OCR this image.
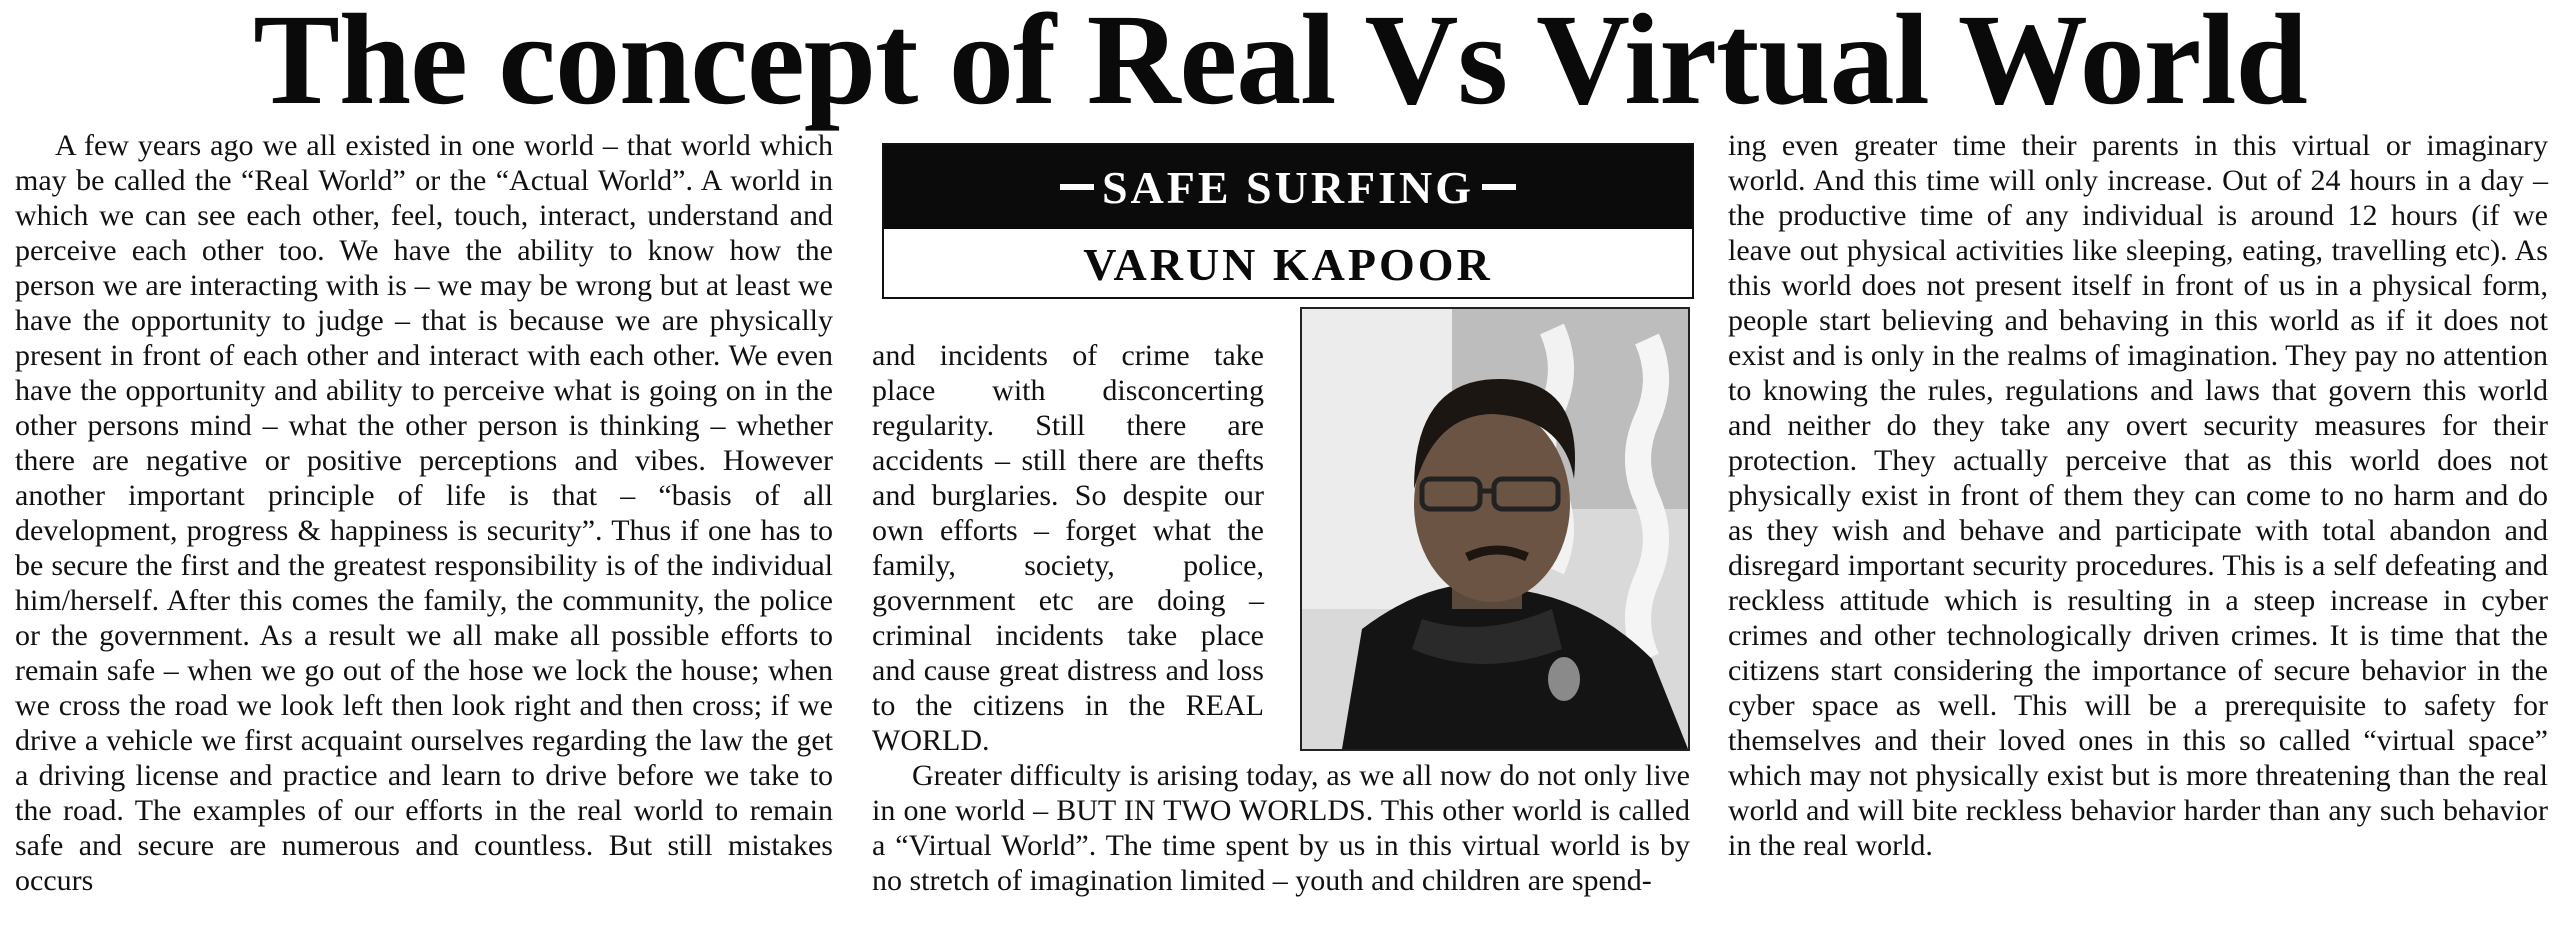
The concept of Real Vs Virtual World

A few years ago we all existed in one world – that world which may be called the “Real World” or the “Actual World”. A world in which we can see each other, feel, touch, interact, understand and perceive each other too. We have the ability to know how the person we are interacting with is – we may be wrong but at least we have the opportunity to judge – that is because we are physically present in front of each other and interact with each other. We even have the opportunity and ability to perceive what is going on in the other persons mind – what the other person is thinking – whether there are negative or positive perceptions and vibes. However another important principle of life is that – “basis of all development, progress & happiness is security”. Thus if one has to be secure the first and the greatest responsibility is of the individual him/herself. After this comes the family, the community, the police or the government. As a result we all make all possible efforts to remain safe – when we go out of the hose we lock the house; when we cross the road we look left then look right and then cross; if we drive a vehicle we first acquaint ourselves regarding the law the get a driving license and practice and learn to drive before we take to the road. The examples of our efforts in the real world to remain safe and secure are numerous and countless. But still mistakes occurs

SAFE SURFING
VARUN KAPOOR

and incidents of crime take place with disconcerting regularity. Still there are accidents – still there are thefts and burglaries. So despite our own efforts – forget what the family, society, police, government etc are doing – criminal incidents take place and cause great distress and loss to the citizens in the REAL WORLD.

Greater difficulty is arising today, as we all now do not only live in one world – BUT IN TWO WORLDS. This other world is called a “Virtual World”. The time spent by us in this virtual world is by no stretch of imagination limited – youth and children are spend-

ing even greater time their parents in this virtual or imaginary world. And this time will only increase. Out of 24 hours in a day – the productive time of any individual is around 12 hours (if we leave out physical activities like sleeping, eating, travelling etc). As this world does not present itself in front of us in a physical form, people start believing and behaving in this world as if it does not exist and is only in the realms of imagination. They pay no attention to knowing the rules, regulations and laws that govern this world and neither do they take any overt security measures for their protection. They actually perceive that as this world does not physically exist in front of them they can come to no harm and do as they wish and behave and participate with total abandon and disregard important security procedures. This is a self defeating and reckless attitude which is resulting in a steep increase in cyber crimes and other technologically driven crimes. It is time that the citizens start considering the importance of secure behavior in the cyber space as well. This will be a prerequisite to safety for themselves and their loved ones in this so called “virtual space” which may not physically exist but is more threatening than the real world and will bite reckless behavior harder than any such behavior in the real world.
